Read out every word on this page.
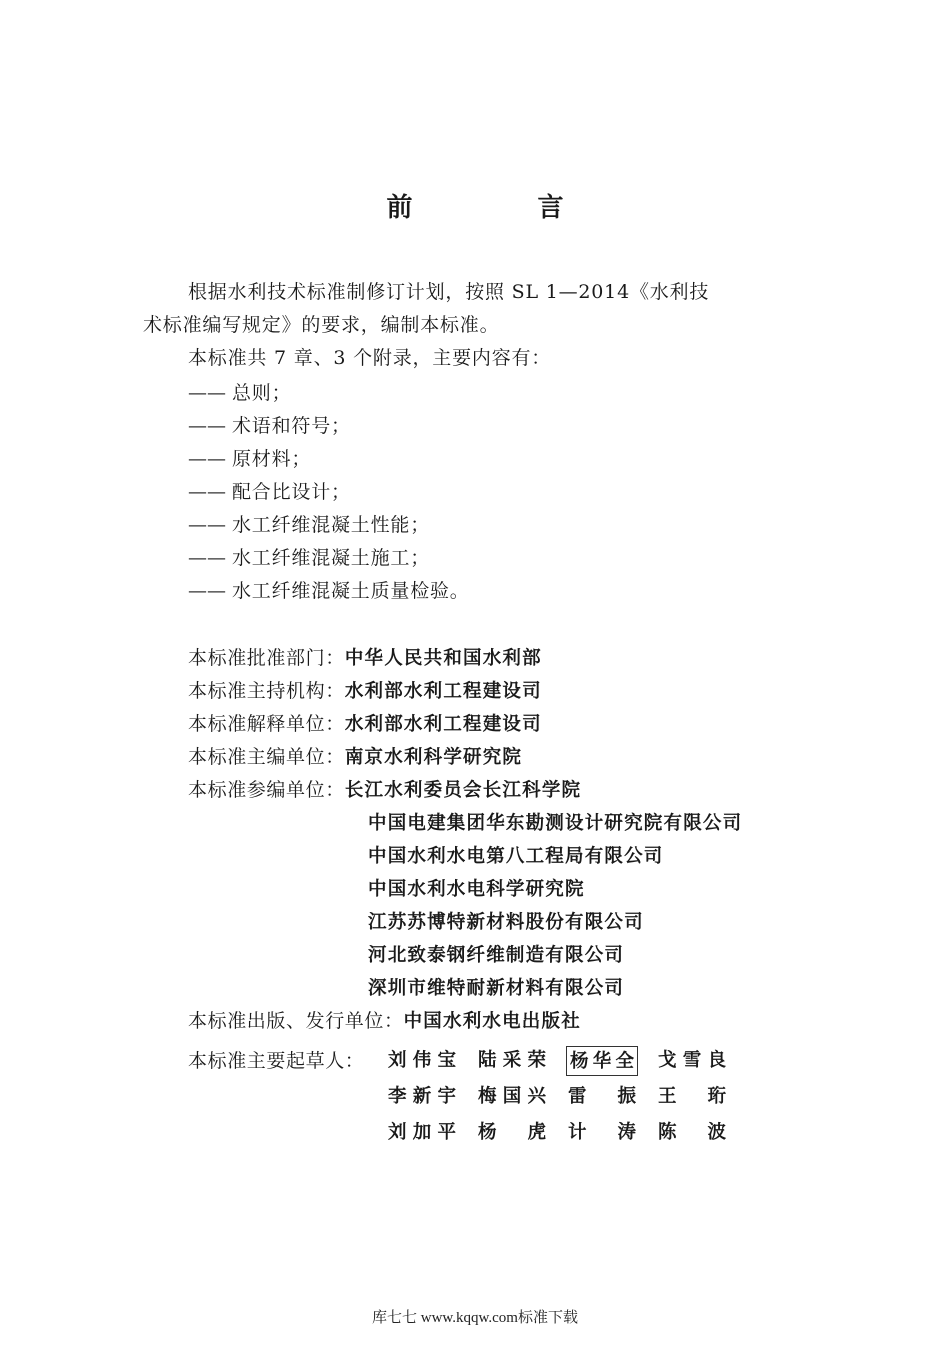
前 言
根据水利技术标准制修订计划，按照 SL 1—2014《水利技
术标准编写规定》的要求，编制本标准。
本标准共 7 章、3 个附录，主要内容有：
—— 总则；
—— 术语和符号；
—— 原材料；
—— 配合比设计；
—— 水工纤维混凝土性能；
—— 水工纤维混凝土施工；
—— 水工纤维混凝土质量检验。
本标准批准部门： 中华人民共和国水利部
本标准主持机构： 水利部水利工程建设司
本标准解释单位： 水利部水利工程建设司
本标准主编单位： 南京水利科学研究院
本标准参编单位： 长江水利委员会长江科学院
中国电建集团华东勘测设计研究院有限公司
中国水利水电第八工程局有限公司
中国水利水电科学研究院
江苏苏博特新材料股份有限公司
河北致泰钢纤维制造有限公司
深圳市维特耐新材料有限公司
本标准出版、发行单位： 中国水利水电出版社
本标准主要起草人：	刘伟宝 陆采荣 杨华全 戈雪良
李新宇 梅国兴 雷振 王珩
刘加平 杨虎 计涛 陈波
库七七 www.kqqw.com标准下载
